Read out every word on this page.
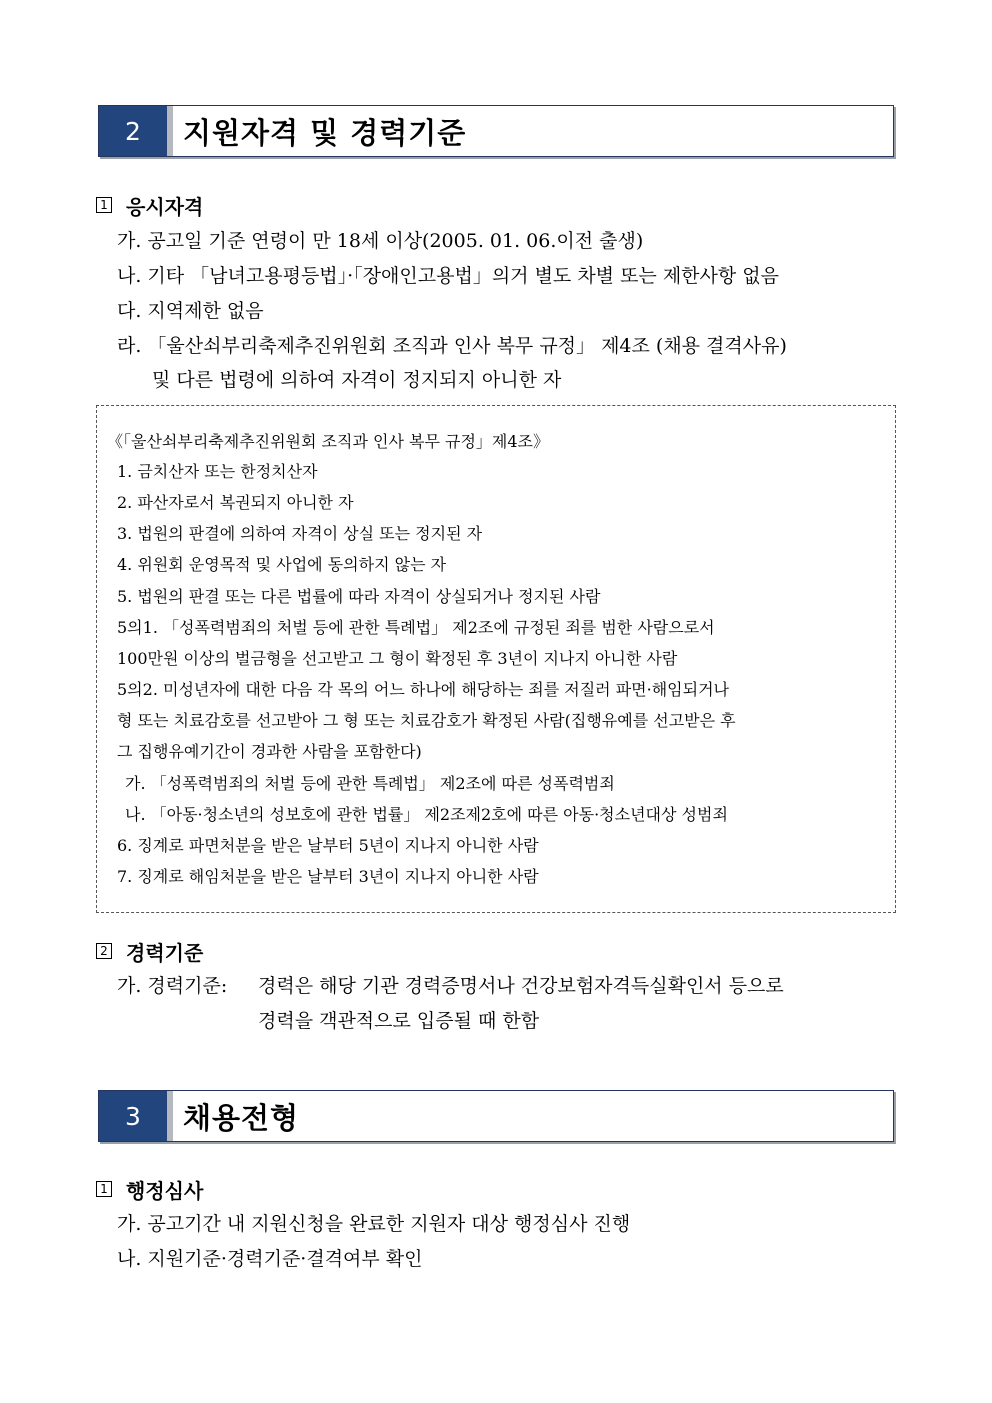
2	지원자격 및 경력기준
1 응시자격
가. 공고일 기준 연령이 만 18세 이상(2005. 01. 06.이전 출생)
나. 기타 「남녀고용평등법」·「장애인고용법」의거 별도 차별 또는 제한사항 없음
다. 지역제한 없음
라. 「울산쇠부리축제추진위원회 조직과 인사 복무 규정」 제4조 (채용 결격사유)
및 다른 법령에 의하여 자격이 정지되지 아니한 자
《「울산쇠부리축제추진위원회 조직과 인사 복무 규정」제4조》
1. 금치산자 또는 한정치산자
2. 파산자로서 복권되지 아니한 자
3. 법원의 판결에 의하여 자격이 상실 또는 정지된 자
4. 위원회 운영목적 및 사업에 동의하지 않는 자
5. 법원의 판결 또는 다른 법률에 따라 자격이 상실되거나 정지된 사람
5의1. 「성폭력범죄의 처벌 등에 관한 특례법」 제2조에 규정된 죄를 범한 사람으로서
100만원 이상의 벌금형을 선고받고 그 형이 확정된 후 3년이 지나지 아니한 사람
5의2. 미성년자에 대한 다음 각 목의 어느 하나에 해당하는 죄를 저질러 파면·해임되거나
형 또는 치료감호를 선고받아 그 형 또는 치료감호가 확정된 사람(집행유예를 선고받은 후
그 집행유예기간이 경과한 사람을 포함한다)
가. 「성폭력범죄의 처벌 등에 관한 특례법」 제2조에 따른 성폭력범죄
나. 「아동·청소년의 성보호에 관한 법률」 제2조제2호에 따른 아동·청소년대상 성범죄
6. 징계로 파면처분을 받은 날부터 5년이 지나지 아니한 사람
7. 징계로 해임처분을 받은 날부터 3년이 지나지 아니한 사람
2 경력기준
가. 경력기준: 경력은 해당 기관 경력증명서나 건강보험자격득실확인서 등으로
경력을 객관적으로 입증될 때 한함
3	채용전형
1 행정심사
가. 공고기간 내 지원신청을 완료한 지원자 대상 행정심사 진행
나. 지원기준·경력기준·결격여부 확인
